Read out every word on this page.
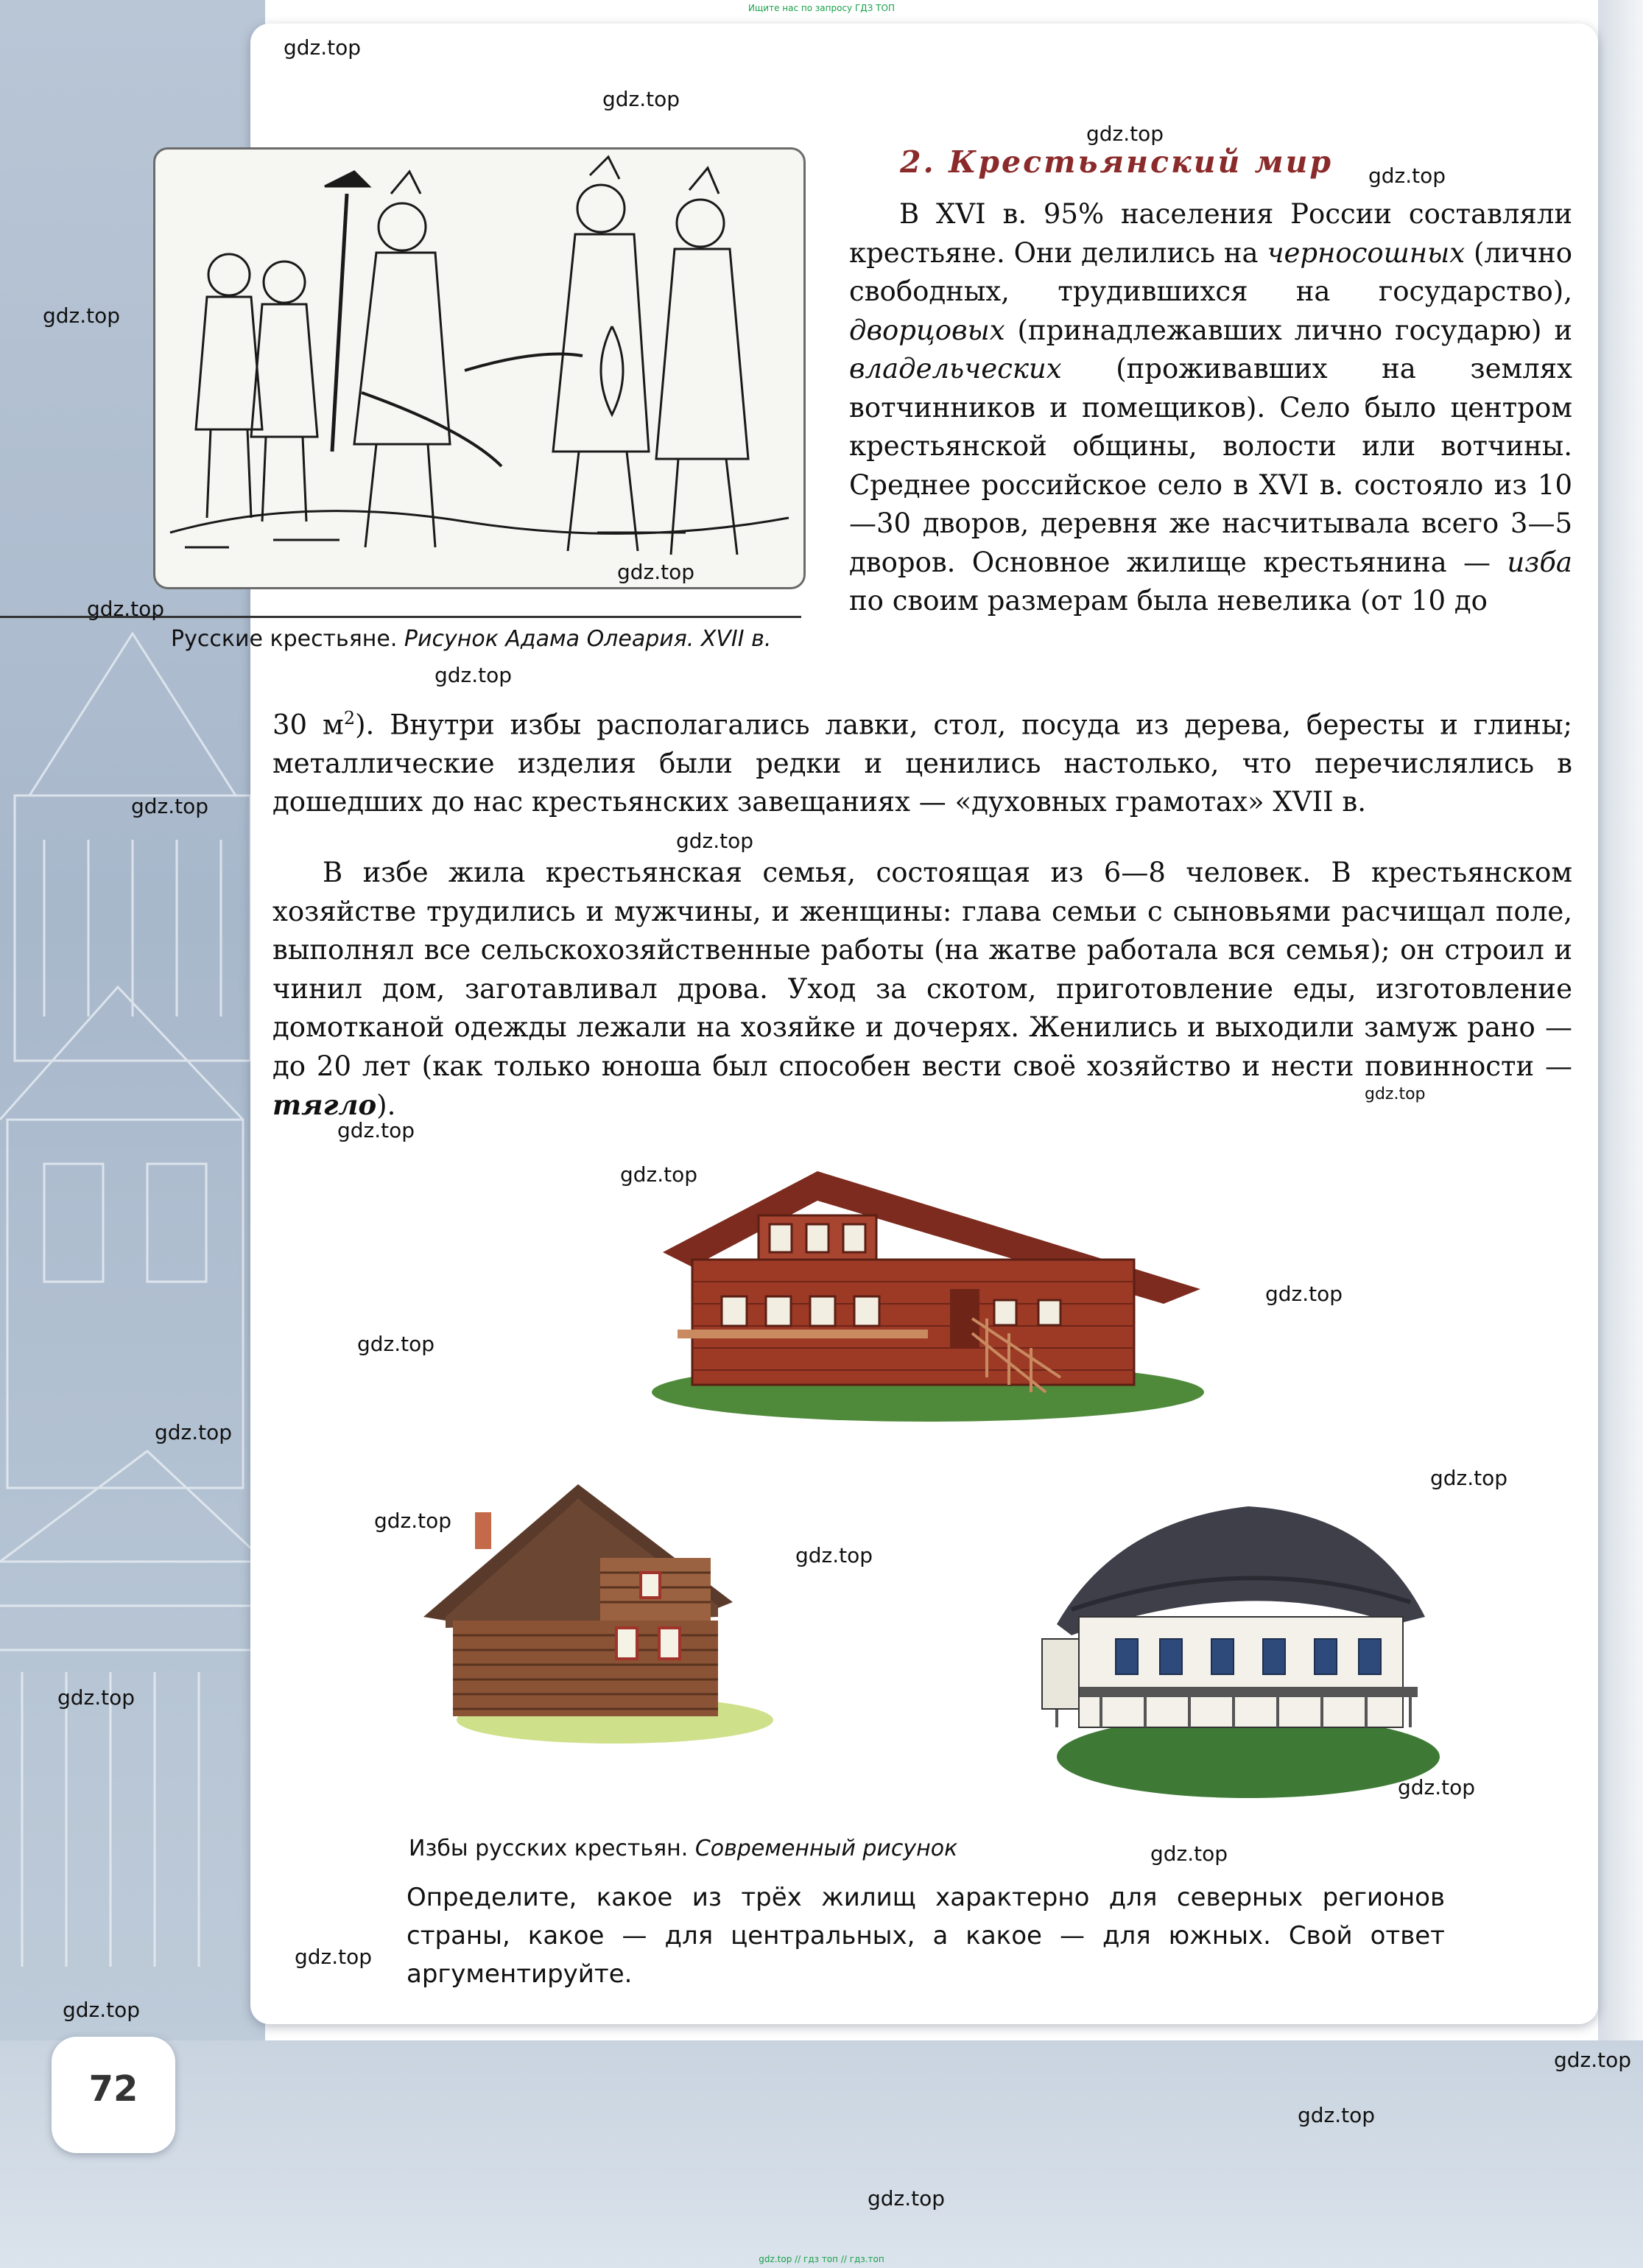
Ищите нас по запросу ГДЗ ТОП
Русские крестьяне. Рисунок Адама Олеария. XVII в.
2. Крестьянский мир
В XVI в. 95% населения России составляли крестьяне. Они делились на черносошных (лично свободных, трудившихся на государство), дворцовых (принадлежавших лично государю) и владельческих (проживавших на землях вотчинников и помещиков). Село было центром крестьянской общины, волости или вотчины. Среднее российское село в XVI в. состояло из 10—30 дворов, деревня же насчитывала всего 3—5 дворов. Основное жилище крестьянина — изба по своим размерам была невелика (от 10 до
30 $м^2$). Внутри избы располагались лавки, стол, посуда из дерева, бересты и глины; металлические изделия были редки и ценились настолько, что перечислялись в дошедших до нас крестьянских завещаниях — «духовных грамотах» XVII в.
В избе жила крестьянская семья, состоящая из 6—8 человек. В крестьянском хозяйстве трудились и мужчины, и женщины: глава семьи с сыновьями расчищал поле, выполнял все сельскохозяйственные работы (на жатве работала вся семья); он строил и чинил дом, заготавливал дрова. Уход за скотом, приготовление еды, изготовление домотканой одежды лежали на хозяйке и дочерях. Женились и выходили замуж рано — до 20 лет (как только юноша был способен вести своё хозяйство и нести повинности — тягло).
Избы русских крестьян. Современный рисунок
Определите, какое из трёх жилищ характерно для северных регионов страны, какое — для центральных, а какое — для южных. Свой ответ аргументируйте.
72
gdz.top
gdz.top
gdz.top
gdz.top
gdz.top
gdz.top
gdz.top
gdz.top
gdz.top
gdz.top
gdz.top
gdz.top
gdz.top
gdz.top
gdz.top
gdz.top
gdz.top
gdz.top
gdz.top
gdz.top
gdz.top
gdz.top
gdz.top
gdz.top
gdz.top
gdz.top
gdz.top
gdz.top // гдз топ // гдз.топ
